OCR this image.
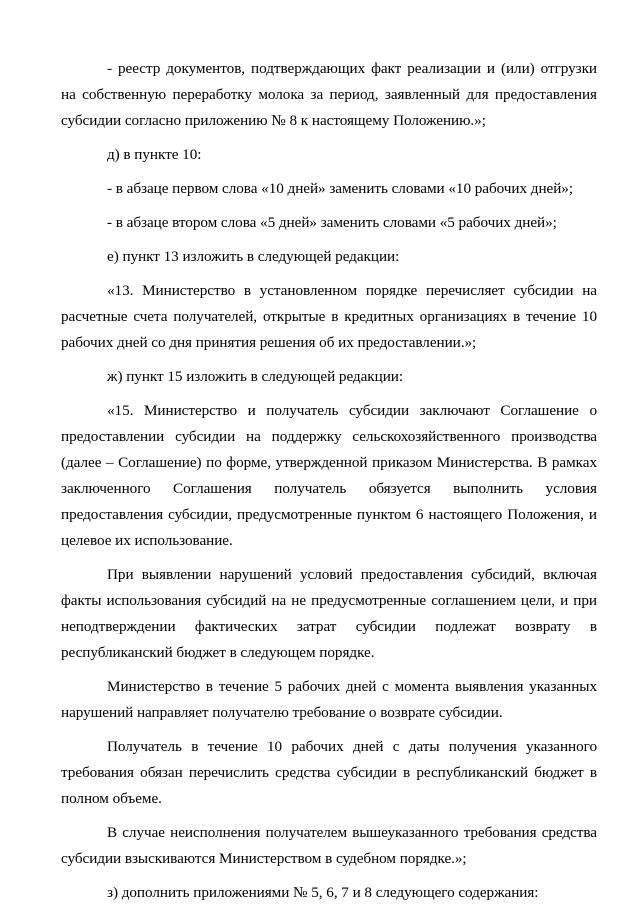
- реестр документов, подтверждающих факт реализации и (или) отгрузки на собственную переработку молока за период, заявленный для предоставления субсидии согласно приложению № 8 к настоящему Положению.»;

д) в пункте 10:

- в абзаце первом слова «10 дней» заменить словами «10 рабочих дней»;

- в абзаце втором слова «5 дней» заменить словами «5 рабочих дней»;

е) пункт 13 изложить в следующей редакции:

«13. Министерство в установленном порядке перечисляет субсидии на расчетные счета получателей, открытые в кредитных организациях в течение 10 рабочих дней со дня принятия решения об их предоставлении.»;

ж) пункт 15 изложить в следующей редакции:

«15. Министерство и получатель субсидии заключают Соглашение о предоставлении субсидии на поддержку сельскохозяйственного производства (далее – Соглашение) по форме, утвержденной приказом Министерства. В рамках заключенного Соглашения получатель обязуется выполнить условия предоставления субсидии, предусмотренные пунктом 6 настоящего Положения, и целевое их использование.

При выявлении нарушений условий предоставления субсидий, включая факты использования субсидий на не предусмотренные соглашением цели, и при неподтверждении фактических затрат субсидии подлежат возврату в республиканский бюджет в следующем порядке.

Министерство в течение 5 рабочих дней с момента выявления указанных нарушений направляет получателю требование о возврате субсидии.

Получатель в течение 10 рабочих дней с даты получения указанного требования обязан перечислить средства субсидии в республиканский бюджет в полном объеме.

В случае неисполнения получателем вышеуказанного требования средства субсидии взыскиваются Министерством в судебном порядке.»;

з) дополнить приложениями № 5, 6, 7 и 8 следующего содержания:
